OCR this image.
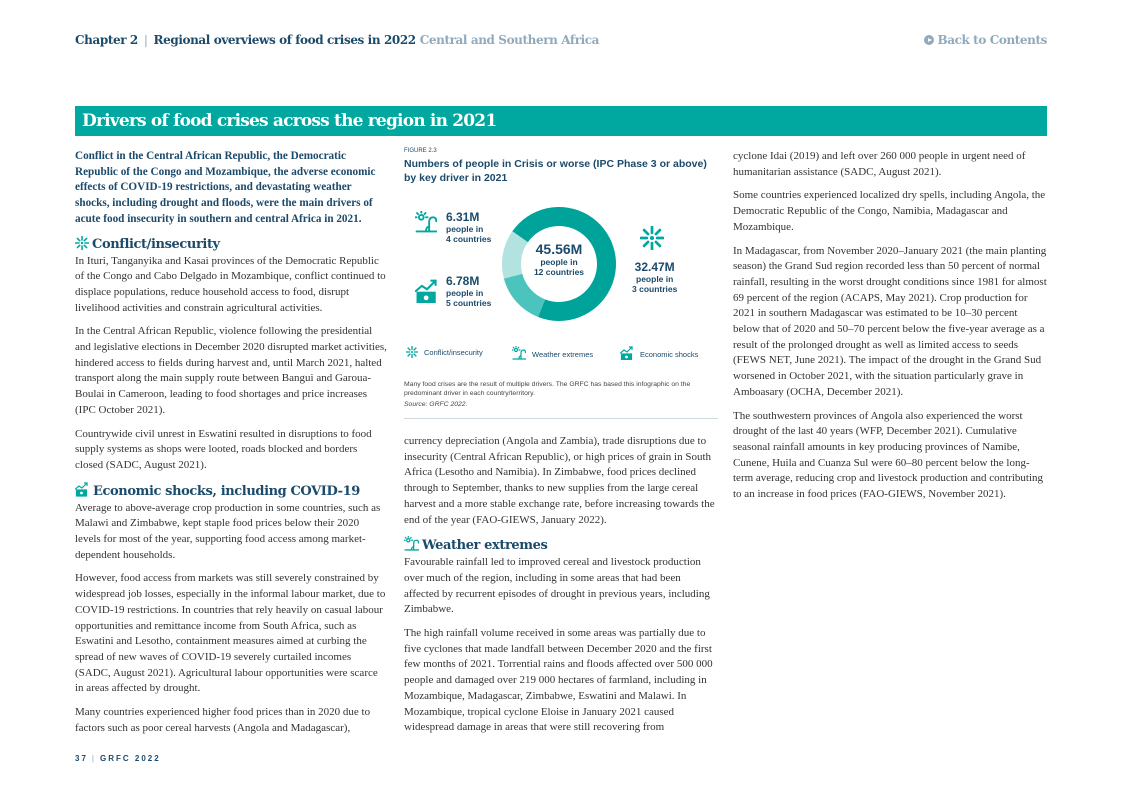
Chapter 2 | Regional overviews of food crises in 2022 Central and Southern Africa	Back to Contents
Drivers of food crises across the region in 2021

Conflict in the Central African Republic, the Democratic Republic of the Congo and Mozambique, the adverse economic effects of COVID-19 restrictions, and devastating weather shocks, including drought and floods, were the main drivers of acute food insecurity in southern and central Africa in 2021.

Conflict/insecurity

In Ituri, Tanganyika and Kasai provinces of the Democratic Republic of the Congo and Cabo Delgado in Mozambique, conflict continued to displace populations, reduce household access to food, disrupt livelihood activities and constrain agricultural activities.

In the Central African Republic, violence following the presidential and legislative elections in December 2020 disrupted market activities, hindered access to fields during harvest and, until March 2021, halted transport along the main supply route between Bangui and Garoua-Boulai in Cameroon, leading to food shortages and price increases (IPC October 2021).

Countrywide civil unrest in Eswatini resulted in disruptions to food supply systems as shops were looted, roads blocked and borders closed (SADC, August 2021).

Economic shocks, including COVID-19

Average to above-average crop production in some countries, such as Malawi and Zimbabwe, kept staple food prices below their 2020 levels for most of the year, supporting food access among market-dependent households.

However, food access from markets was still severely constrained by widespread job losses, especially in the informal labour market, due to COVID-19 restrictions. In countries that rely heavily on casual labour opportunities and remittance income from South Africa, such as Eswatini and Lesotho, containment measures aimed at curbing the spread of new waves of COVID-19 severely curtailed incomes (SADC, August 2021). Agricultural labour opportunities were scarce in areas affected by drought.

Many countries experienced higher food prices than in 2020 due to factors such as poor cereal harvests (Angola and Madagascar),

FIGURE 2.3
Numbers of people in Crisis or worse (IPC Phase 3 or above) by key driver in 2021
6.31M
people in
4 countries
6.78M
people in
5 countries
32.47M
people in
3 countries
45.56M
people in
12 countries
Conflict/insecurity	Weather extremes	Economic shocks
Many food crises are the result of multiple drivers. The GRFC has based this infographic on the predominant driver in each country/territory.
Source: GRFC 2022.

currency depreciation (Angola and Zambia), trade disruptions due to insecurity (Central African Republic), or high prices of grain in South Africa (Lesotho and Namibia). In Zimbabwe, food prices declined through to September, thanks to new supplies from the large cereal harvest and a more stable exchange rate, before increasing towards the end of the year (FAO-GIEWS, January 2022).

Weather extremes

Favourable rainfall led to improved cereal and livestock production over much of the region, including in some areas that had been affected by recurrent episodes of drought in previous years, including Zimbabwe.

The high rainfall volume received in some areas was partially due to five cyclones that made landfall between December 2020 and the first few months of 2021. Torrential rains and floods affected over 500 000 people and damaged over 219 000 hectares of farmland, including in Mozambique, Madagascar, Zimbabwe, Eswatini and Malawi. In Mozambique, tropical cyclone Eloise in January 2021 caused widespread damage in areas that were still recovering from

cyclone Idai (2019) and left over 260 000 people in urgent need of humanitarian assistance (SADC, August 2021).

Some countries experienced localized dry spells, including Angola, the Democratic Republic of the Congo, Namibia, Madagascar and Mozambique.

In Madagascar, from November 2020–January 2021 (the main planting season) the Grand Sud region recorded less than 50 percent of normal rainfall, resulting in the worst drought conditions since 1981 for almost 69 percent of the region (ACAPS, May 2021). Crop production for 2021 in southern Madagascar was estimated to be 10–30 percent below that of 2020 and 50–70 percent below the five-year average as a result of the prolonged drought as well as limited access to seeds (FEWS NET, June 2021). The impact of the drought in the Grand Sud worsened in October 2021, with the situation particularly grave in Amboasary (OCHA, December 2021).

The southwestern provinces of Angola also experienced the worst drought of the last 40 years (WFP, December 2021). Cumulative seasonal rainfall amounts in key producing provinces of Namibe, Cunene, Huila and Cuanza Sul were 60–80 percent below the long-term average, reducing crop and livestock production and contributing to an increase in food prices (FAO-GIEWS, November 2021).

37 | GRFC 2022
